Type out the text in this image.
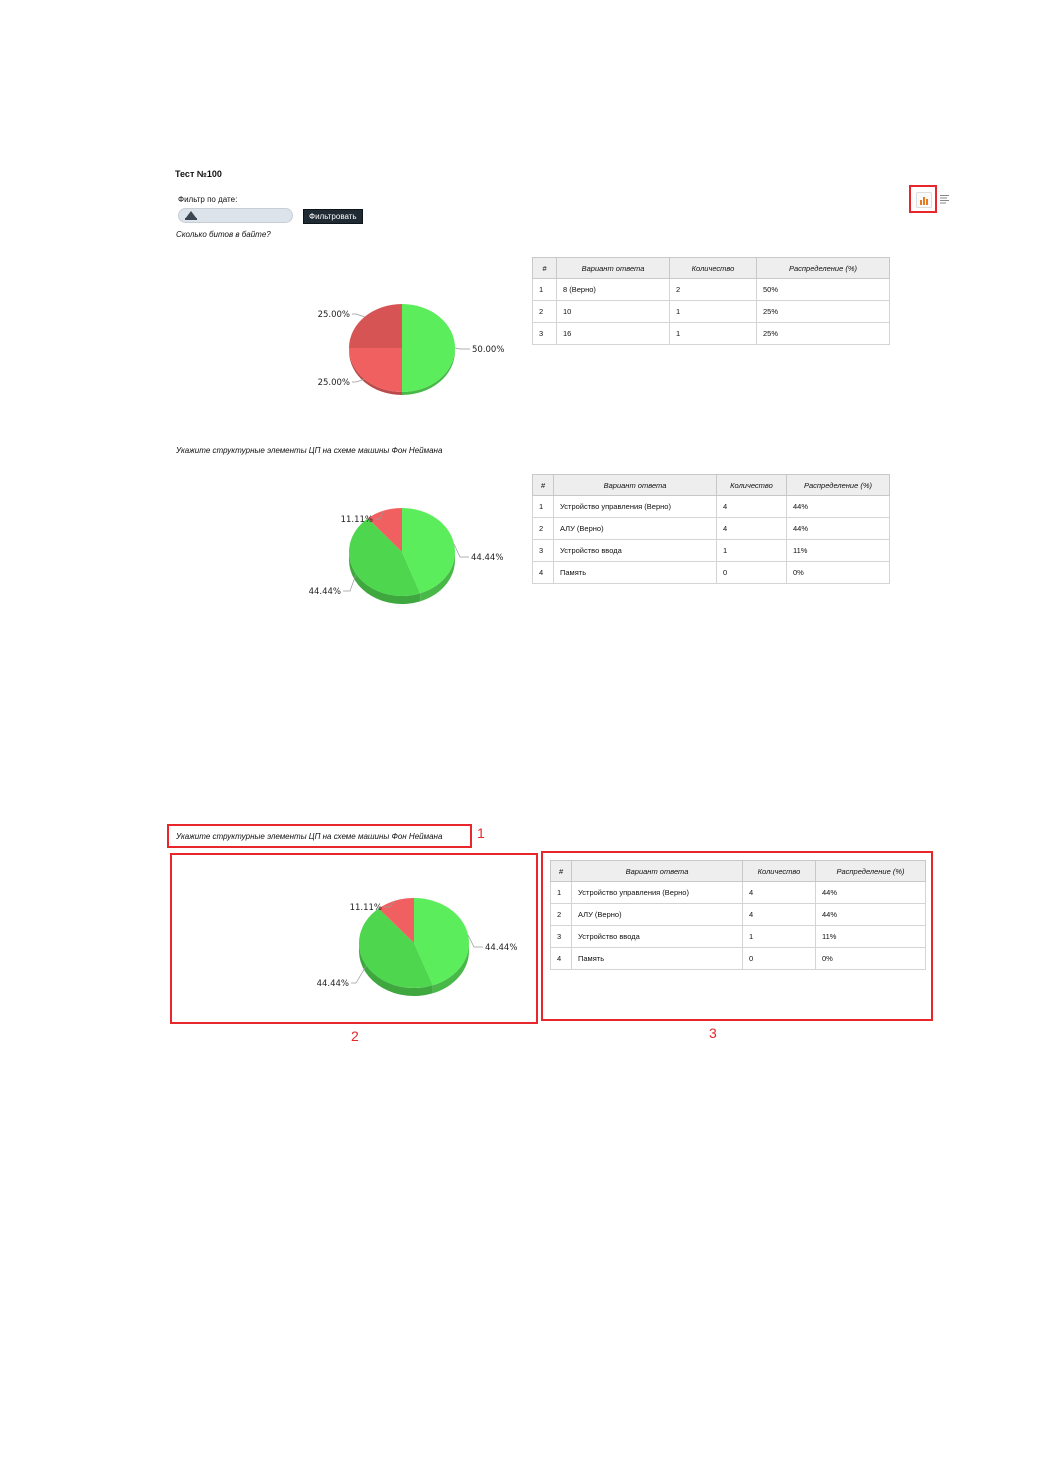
Тест №100
Фильтр по дате:
Фильтровать
Сколько битов в байте?
50.00%
25.00%
25.00%
#	Вариант ответа	Количество	Распределение (%)
1	8 (Верно)	2	50%
2	10	1	25%
3	16	1	25%
Укажите структурные элементы ЦП на схеме машины Фон Неймана
44.44%
44.44%
11.11%
#	Вариант ответа	Количество	Распределение (%)
1	Устройство управления (Верно)	4	44%
2	АЛУ (Верно)	4	44%
3	Устройство ввода	1	11%
4	Память	0	0%
Укажите структурные элементы ЦП на схеме машины Фон Неймана 1
44.44%
44.44%
11.11%
2
#	Вариант ответа	Количество	Распределение (%)
1	Устройство управления (Верно)	4	44%
2	АЛУ (Верно)	4	44%
3	Устройство ввода	1	11%
4	Память	0	0%
3
